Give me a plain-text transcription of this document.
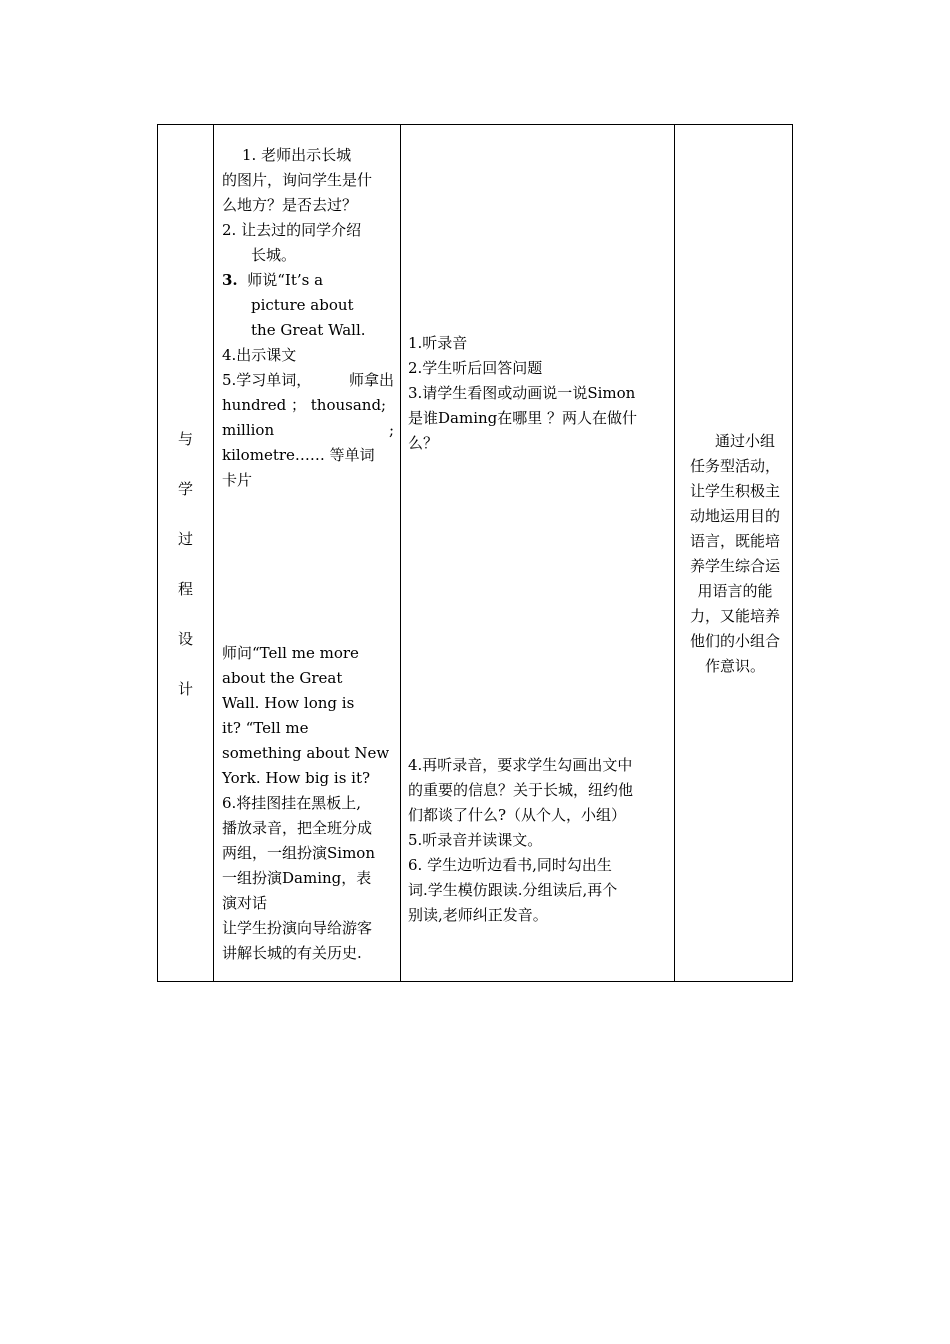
与
学
过
程
设
计
1. 老师出示长城
的图片，询问学生是什
么地方？是否去过？
2. 让去过的同学介绍
长城。
3. 师说“It’s a
picture about
the Great Wall.
4.出示课文
5.学习单词，	师拿出
hundred ； thousand;
million	;
kilometre…… 等单词
卡片
师问“Tell me more
about the Great
Wall. How long is
it? “Tell me
something about New
York. How big is it?
6.将挂图挂在黑板上,
播放录音，把全班分成
两组，一组扮演Simon
一组扮演Daming，表
演对话
让学生扮演向导给游客
讲解长城的有关历史.
1.听录音
2.学生听后回答问题
3.请学生看图或动画说一说Simon
是谁Daming在哪里 ？两人在做什
么？
4.再听录音，要求学生勾画出文中
的重要的信息？关于长城，纽约他
们都谈了什么?（从个人，小组）
5.听录音并读课文。
6. 学生边听边看书,同时勾出生
词.学生模仿跟读.分组读后,再个
别读,老师纠正发音。
通过小组
任务型活动，
让学生积极主
动地运用目的
语言，既能培
养学生综合运
用语言的能
力，又能培养
他们的小组合
作意识。
